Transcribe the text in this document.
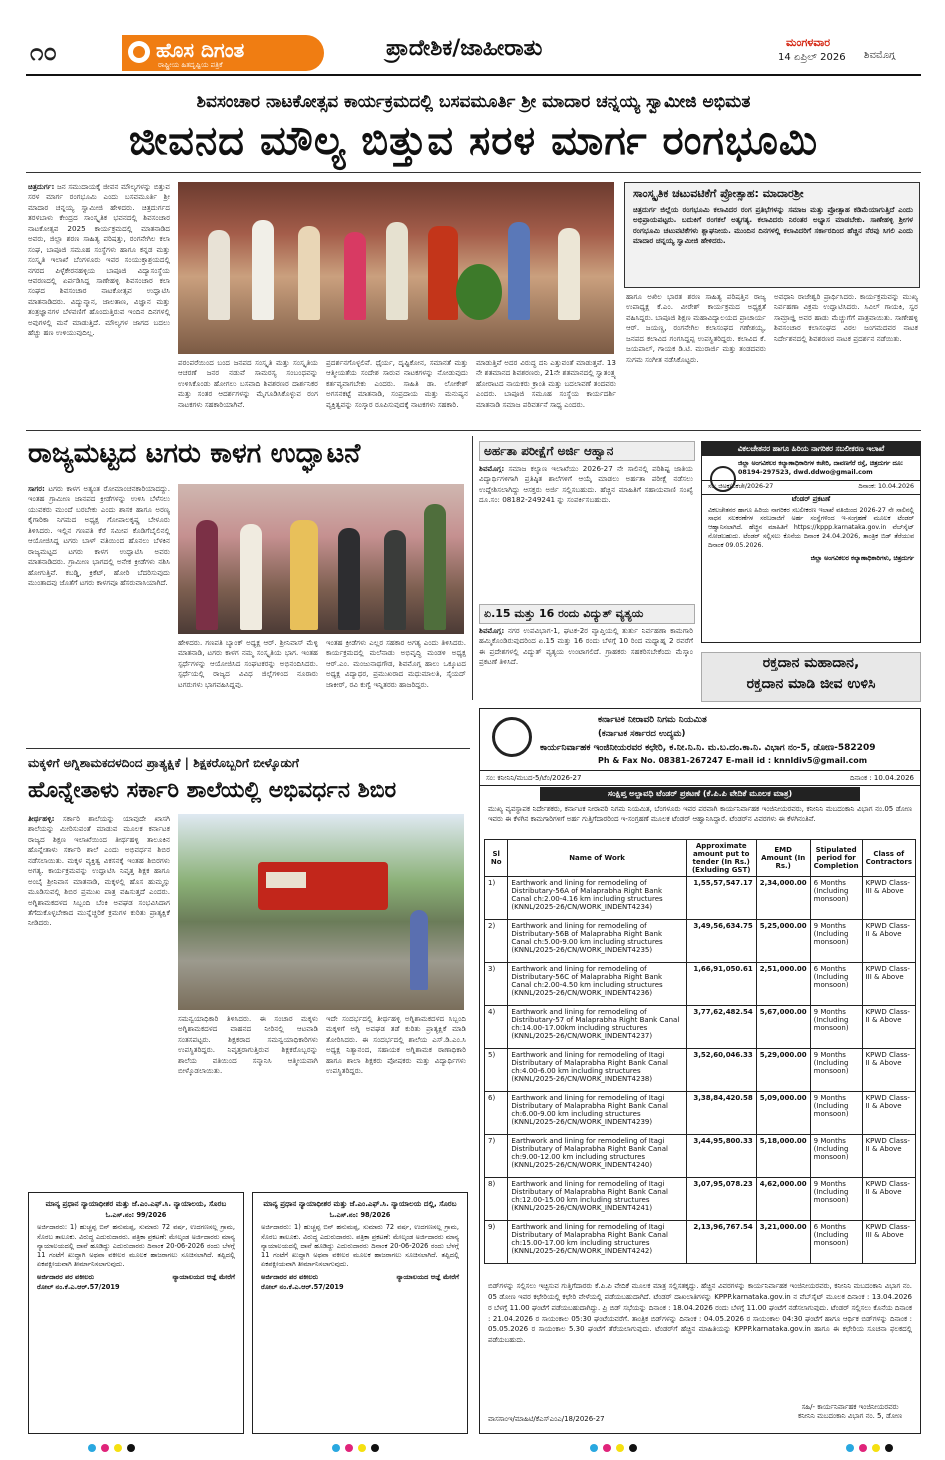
೧೦	ಹೊಸ ದಿಗಂತ
ರಾಷ್ಟ್ರೀಯ ಹಿತದೃಷ್ಟಿಯ ಪತ್ರಿಕೆ
ಪ್ರಾದೇಶಿಕ/ಜಾಹೀರಾತು	ಮಂಗಳವಾರ
14 ಏಪ್ರಿಲ್ 2026 ಶಿವಮೊಗ್ಗ
ಶಿವಸಂಚಾರ ನಾಟಕೋತ್ಸವ ಕಾರ್ಯಕ್ರಮದಲ್ಲಿ ಬಸವಮೂರ್ತಿ ಶ್ರೀ ಮಾದಾರ ಚನ್ನಯ್ಯ ಸ್ವಾಮೀಜಿ ಅಭಿಮತ
ಜೀವನದ ಮೌಲ್ಯ ಬಿತ್ತುವ ಸರಳ ಮಾರ್ಗ ರಂಗಭೂಮಿ
ಚಿತ್ರದುರ್ಗ: ಜನ ಸಮುದಾಯಕ್ಕೆ ಜೀವನ ಮೌಲ್ಯಗಳನ್ನು ಬಿತ್ತುವ ಸರಳ ಮಾರ್ಗ ರಂಗಭೂಮಿ ಎಂದು ಬಸವಮೂರ್ತಿ ಶ್ರೀ ಮಾದಾರ ಚನ್ನಯ್ಯ ಸ್ವಾಮೀಜಿ ಹೇಳಿದರು. ಚಿತ್ರದುರ್ಗದ ತರಳಬಾಳು ಕೇಂದ್ರದ ಸಾಂಸ್ಕೃತಿಕ ಭವನದಲ್ಲಿ ಶಿವಸಂಚಾರ ನಾಟಕೋತ್ಸವ 2025 ಕಾರ್ಯಕ್ರಮದಲ್ಲಿ ಮಾತನಾಡಿದ ಅವರು, ಜಿಲ್ಲಾ ಶರಣ ಸಾಹಿತ್ಯ ಪರಿಷತ್ತು, ರಂಗನೇಗಿಲ ಕಲಾ ಸಂಘ, ಬಾಪೂಜಿ ಸಮೂಹ ಸಂಸ್ಥೆಗಳು ಹಾಗೂ ಕನ್ನಡ ಮತ್ತು ಸಂಸ್ಕೃತಿ ಇಲಾಖೆ ಬೆಂಗಳೂರು ಇವರ ಸಂಯುಕ್ತಾಶ್ರಯದಲ್ಲಿ ನಗರದ ಪಿಳ್ಳೆಕೇರನಹಳ್ಳಿಯ ಬಾಪೂಜಿ ವಿದ್ಯಾಸಂಸ್ಥೆಯ ಆವರಣದಲ್ಲಿ ಏರ್ಪಡಿಸಿದ್ದ ಸಾಣೇಹಳ್ಳಿ ಶಿವಸಂಚಾರ ಕಲಾ ಸಂಘದ ಶಿವಸಂಚಾರ ನಾಟಕೋತ್ಸವ ಉದ್ಘಾಟಿಸಿ ಮಾತನಾಡಿದರು. ವಿದ್ಯುನ್ಮಾನ, ಜಾಲತಾಣ, ವಿಜ್ಞಾನ ಮತ್ತು ತಂತ್ರಜ್ಞಾನಗಳ ಬೆಳವಣಿಗೆ ಹೊಂದುತ್ತಿರುವ ಇಂದಿನ ದಿನಗಳಲ್ಲಿ ಅವುಗಳಲ್ಲಿ ಮನೆ ಮಾಡುತ್ತಿದೆ. ಮೌಲ್ಯಗಳ ಜಾಗದ ಬದಲು ಹೆಚ್ಚು ಹಣ ಉಳಿಯುವುದಿಲ್ಲ.
ಪರಂಪರೆಯಿಂದ ಬಂದ ಜನಪದ ಸಂಸ್ಕೃತಿ ಮತ್ತು ಸಂಸ್ಕೃತಿಯ ಆಚರಣೆ ಜನರ ನಡುವೆ ಸಾಮರಸ್ಯ ಸಂಬಂಧವನ್ನು ಉಳಿಸಿಕೊಂಡು ಹೋಗಲು ಬಸವಾದಿ ಶಿವಶರಣರ ದಾರ್ಶನಿಕರ ಮತ್ತು ಸಂತರ ಆದರ್ಶಗಳನ್ನು ಮೈಗೂಡಿಸಿಕೊಳ್ಳುವ ರಂಗ ನಾಟಕಗಳು ಸಹಕಾರಿಯಾಗಿವೆ.
ಪ್ರದರ್ಶನಗೊಳ್ಳಲಿವೆ. ಧೈರ್ಯ, ದೃಷ್ಟಿಕೋನ, ಸಮಾನತೆ ಮತ್ತು ಆತ್ಮೀಯತೆಯ ಸಂದೇಶ ಸಾರುವ ನಾಟಕಗಳನ್ನು ನೋಡುವುದು ಕರ್ತವ್ಯವಾಗಬೇಕು ಎಂದರು. ಸಾಹಿತಿ ಡಾ. ಲೋಕೇಶ್ ಅಗಸನಕಟ್ಟೆ ಮಾತನಾಡಿ, ಸಂಪ್ರದಾಯ ಮತ್ತು ಮನುಷ್ಯನ ವ್ಯಕ್ತಿತ್ವವನ್ನು ಸಂಸ್ಕಾರ ರೂಪಿಸುವುದಕ್ಕೆ ನಾಟಕಗಳು ಸಹಕಾರಿ.
ಮಾಡುತ್ತಿವೆ ಅದರ ವಿರುದ್ಧ ದನಿ ಎತ್ತುವಂತೆ ಮಾಡುತ್ತವೆ. 13 ನೇ ಶತಮಾನದ ಶಿವಶರಣರು, 21ನೇ ಶತಮಾನದಲ್ಲಿ ಸ್ವಾತಂತ್ರ್ಯ ಹೋರಾಟದ ನಾಯಕರು ಕ್ರಾಂತಿ ಮತ್ತು ಬದಲಾವಣೆ ತಂದವರು ಎಂದರು. ಬಾಪೂಜಿ ಸಮೂಹ ಸಂಸ್ಥೆಯ ಕಾರ್ಯದರ್ಶಿ ಮಾತನಾಡಿ ಸಮಾಜ ಪರಿವರ್ತನೆ ಸಾಧ್ಯ ಎಂದರು.
ಸಾಂಸ್ಕೃತಿಕ ಚಟುವಟಿಕೆಗೆ ಪ್ರೋತ್ಸಾಹ: ಮಾದಾರಶ್ರೀ
ಚಿತ್ರದುರ್ಗ ಜಿಲ್ಲೆಯ ರಂಗಭೂಮಿ ಕಲಾವಿದರ ರಂಗ ಪ್ರತಿಭೆಗಳನ್ನು ಸಮಾಜ ಮತ್ತು ಪ್ರೋತ್ಸಾಹ ಕಡಿಮೆಯಾಗುತ್ತಿದೆ ಎಂದು ಅಭಿಪ್ರಾಯಪಟ್ಟರು. ಬದುಕಿಗೆ ರಂಗಕಲೆ ಅತ್ಯಗತ್ಯ. ಕಲಾವಿದರು ನಿರಂತರ ಅಭ್ಯಾಸ ಮಾಡಬೇಕು. ಸಾಣೇಹಳ್ಳಿ ಶ್ರೀಗಳ ರಂಗಭೂಮಿ ಚಟುವಟಿಕೆಗಳು ಶ್ಲಾಘನೀಯ. ಮುಂದಿನ ದಿನಗಳಲ್ಲಿ ಕಲಾವಿದರಿಗೆ ಸರ್ಕಾರದಿಂದ ಹೆಚ್ಚಿನ ನೆರವು ಸಿಗಲಿ ಎಂದು ಮಾದಾರ ಚನ್ನಯ್ಯ ಸ್ವಾಮೀಜಿ ಹೇಳಿದರು.
ಹಾಗೂ ಅಖಿಲ ಭಾರತ ಶರಣ ಸಾಹಿತ್ಯ ಪರಿಷತ್ತಿನ ರಾಜ್ಯ ಉಪಾಧ್ಯಕ್ಷ ಕೆ.ಎಂ. ವೀರೇಶ್ ಕಾರ್ಯಕ್ರಮದ ಅಧ್ಯಕ್ಷತೆ ವಹಿಸಿದ್ದರು. ಬಾಪೂಜಿ ಶಿಕ್ಷಣ ಮಹಾವಿದ್ಯಾಲಯದ ಪ್ರಾಚಾರ್ಯ ಆರ್. ಜಯಣ್ಣ, ರಂಗನೇಗಿಲ ಕಲಾಸಂಘದ ಗಣೇಶಯ್ಯ, ಜನಪದ ಕಲಾವಿದ ಗಂಗಸಿದ್ದಪ್ಪ ಉಪಸ್ಥಿತರಿದ್ದರು. ಕಲಾವಿದ ಕೆ. ಜಯಪಾಲ್, ಗಾಯಕ ಡಿ.ಟಿ. ಮುರಾರ್ಜಿ ಮತ್ತು ತಂಡದವರು ಸುಗಮ ಸಂಗೀತ ನಡೆಸಿಕೊಟ್ಟರು.
ಅವಧಾನಿ ರಾಜೇಶ್ವರಿ ಪ್ರಾರ್ಥಿಸಿದರು. ಕಾರ್ಯಕ್ರಮವನ್ನು ಮುಖ್ಯ ನಿರ್ವಹಣಾ ವಿಕ್ರಮ ಉದ್ಘಾಟಿಸಿದರು. ಸಿವಿಲ್ ಗಾಯಕಿ, ಸ್ವರ ಸಾಮ್ರಾಜ್ಞಿ ಅವರ ಹಾಡು ಮೆಚ್ಚುಗೆಗೆ ಪಾತ್ರವಾಯಿತು. ಸಾಣೇಹಳ್ಳಿ ಶಿವಸಂಚಾರ ಕಲಾಸಂಘದ ವಿಠಲ ಜಂಗಮದವರ ನಾಟಕ ನಿರ್ದೇಶನದಲ್ಲಿ ಶಿವಶರಣರ ನಾಟಕ ಪ್ರದರ್ಶನ ನಡೆಯಿತು.
ರಾಜ್ಯಮಟ್ಟದ ಟಗರು ಕಾಳಗ ಉದ್ಘಾಟನೆ
ಸಾಗರ: ಟಗರು ಕಾಳಗ ಅತ್ಯಂತ ರೋಮಾಂಚನಕಾರಿಯಾದದ್ದು. ಇಂತಹ ಗ್ರಾಮೀಣ ಜಾನಪದ ಕ್ರೀಡೆಗಳನ್ನು ಉಳಿಸಿ ಬೆಳೆಸಲು ಯುವಕರು ಮುಂದೆ ಬರಬೇಕು ಎಂದು ಶಾಸಕ ಹಾಗೂ ಅರಣ್ಯ ಕೈಗಾರಿಕಾ ನಿಗಮದ ಅಧ್ಯಕ್ಷ ಗೋಪಾಲಕೃಷ್ಣ ಬೇಳೂರು ತಿಳಿಸಿದರು. ಇಲ್ಲಿನ ಗಣಪತಿ ಕೆರೆ ಸಮೀಪ ಕೊಡಿಗೆಬೈಲಿನಲ್ಲಿ ಆಯೋಜಿಸಿದ್ದ ಟಗರು ಬಾಳ್ ವತಿಯಿಂದ ಹೊನಲು ಬೆಳಕಿನ ರಾಜ್ಯಮಟ್ಟದ ಟಗರು ಕಾಳಗ ಉದ್ಘಾಟಿಸಿ ಅವರು ಮಾತನಾಡಿದರು. ಗ್ರಾಮೀಣ ಭಾಗದಲ್ಲಿ ಅನೇಕ ಕ್ರೀಡೆಗಳು ನಶಿಸಿ ಹೋಗುತ್ತಿವೆ. ಕಬಡ್ಡಿ, ಕ್ರಿಕೆಟ್, ಹೋರಿ ಬೆದರಿಸುವುದು ಮುಂತಾದವು ಜೊತೆಗೆ ಟಗರು ಕಾಳಗವೂ ಹೆಸರುವಾಸಿಯಾಗಿದೆ.
ಹೇಳಿದರು. ಗಣಪತಿ ಬ್ಯಾಂಕ್ ಅಧ್ಯಕ್ಷ ಆರ್. ಶ್ರೀನಿವಾಸ್ ಮೆಳ್ಳಿ ಮಾತನಾಡಿ, ಟಗರು ಕಾಳಗ ನಮ್ಮ ಸಂಸ್ಕೃತಿಯ ಭಾಗ. ಇಂತಹ ಸ್ಪರ್ಧೆಗಳನ್ನು ಆಯೋಜಿಸಿದ ಸಂಘಟಕರನ್ನು ಅಭಿನಂದಿಸಿದರು. ಸ್ಪರ್ಧೆಯಲ್ಲಿ ರಾಜ್ಯದ ವಿವಿಧ ಜಿಲ್ಲೆಗಳಿಂದ ನೂರಾರು ಟಗರುಗಳು ಭಾಗವಹಿಸಿದ್ದವು.
ಇಂತಹ ಕ್ರೀಡೆಗಳು ಎಲ್ಲರ ಸಹಕಾರ ಅಗತ್ಯ ಎಂದು ತಿಳಿಸಿದರು. ಕಾರ್ಯಕ್ರಮದಲ್ಲಿ ಮಲೆನಾಡು ಅಭಿವೃದ್ಧಿ ಮಂಡಳಿ ಅಧ್ಯಕ್ಷ ಆರ್.ಎಂ. ಮಂಜುನಾಥಗೌಡ, ಶಿವಮೊಗ್ಗ ಹಾಲು ಒಕ್ಕೂಟದ ಅಧ್ಯಕ್ಷ ವಿದ್ಯಾಧರ, ಪ್ರಮುಖರಾದ ಮಧುಮಾಲತಿ, ಸೈಯದ್ ಜಾಕೀರ್, ರವಿ ಕುಗ್ವೆ ಇನ್ನಿತರರು ಹಾಜರಿದ್ದರು.
ಅರ್ಹತಾ ಪರೀಕ್ಷೆಗೆ ಅರ್ಜಿ ಆಹ್ವಾನ
ಶಿವಮೊಗ್ಗ: ಸಮಾಜ ಕಲ್ಯಾಣ ಇಲಾಖೆಯು 2026-27 ನೇ ಸಾಲಿನಲ್ಲಿ ಪರಿಶಿಷ್ಟ ಜಾತಿಯ ವಿದ್ಯಾರ್ಥಿಗಳಿಗಾಗಿ ಪ್ರತಿಷ್ಠಿತ ಶಾಲೆಗಳಿಗೆ ಆಯ್ಕೆ ಮಾಡಲು ಅರ್ಹತಾ ಪರೀಕ್ಷೆ ನಡೆಸಲು ಉದ್ದೇಶಿಸಲಾಗಿದ್ದು ಆಸಕ್ತರು ಅರ್ಜಿ ಸಲ್ಲಿಸಬಹುದು. ಹೆಚ್ಚಿನ ಮಾಹಿತಿಗೆ ಸಹಾಯವಾಣಿ ಸಂಖ್ಯೆ ದೂ.ಸಂ: 08182-249241 ನ್ನು ಸಂಪರ್ಕಿಸಬಹುದು.
ಏ.15 ಮತ್ತು 16 ರಂದು ವಿದ್ಯುತ್ ವ್ಯತ್ಯಯ
ಶಿವಮೊಗ್ಗ: ನಗರ ಉಪವಿಭಾಗ-1, ಘಟಕ-2ರ ವ್ಯಾಪ್ತಿಯಲ್ಲಿ ತುರ್ತು ನಿರ್ವಹಣಾ ಕಾಮಗಾರಿ ಹಮ್ಮಿಕೊಂಡಿರುವುದರಿಂದ ಏ.15 ಮತ್ತು 16 ರಂದು ಬೆಳಗ್ಗೆ 10 ರಿಂದ ಮಧ್ಯಾಹ್ನ 2 ರವರೆಗೆ ಈ ಪ್ರದೇಶಗಳಲ್ಲಿ ವಿದ್ಯುತ್ ವ್ಯತ್ಯಯ ಉಂಟಾಗಲಿದೆ. ಗ್ರಾಹಕರು ಸಹಕರಿಸಬೇಕೆಂದು ಮೆಸ್ಕಾಂ ಪ್ರಕಟಣೆ ತಿಳಿಸಿದೆ.
ವಿಕಲಚೇತನರ ಹಾಗೂ ಹಿರಿಯ ನಾಗರಿಕರ ಸಬಲೀಕರಣ ಇಲಾಖೆ
ಜಿಲ್ಲಾ ಅಂಗವಿಕಲರ ಕಲ್ಯಾಣಾಧಿಕಾರಿಗಳ ಕಚೇರಿ, ದಾವಣಗೆರೆ ರಸ್ತೆ, ಚಿತ್ರದುರ್ಗ ದೂ: 08194-297523, dwd.ddwo@gmail.com
ಸಂ: ಜಿಅಕ/ವಿಕಚೇ/2026-27	ದಿನಾಂಕ: 10.04.2026
ಟೆಂಡರ್ ಪ್ರಕಟಣೆ
ವಿಕಲಚೇತನರ ಹಾಗೂ ಹಿರಿಯ ನಾಗರಿಕರ ಸಬಲೀಕರಣ ಇಲಾಖೆ ವತಿಯಿಂದ 2026-27 ನೇ ಸಾಲಿನಲ್ಲಿ ಸಾಧನ ಸಲಕರಣೆಗಳ ಸರಬರಾಜಿಗೆ ಅರ್ಹ ಸಂಸ್ಥೆಗಳಿಂದ ಇ-ಸಂಗ್ರಹಣೆ ಮೂಲಕ ಟೆಂಡರ್ ಆಹ್ವಾನಿಸಲಾಗಿದೆ. ಹೆಚ್ಚಿನ ಮಾಹಿತಿಗೆ https://kppp.karnataka.gov.in ವೆಬ್‌ಸೈಟ್ ನೋಡಬಹುದು. ಟೆಂಡರ್ ಸಲ್ಲಿಸಲು ಕೊನೆಯ ದಿನಾಂಕ 24.04.2026, ತಾಂತ್ರಿಕ ಬಿಡ್ ತೆರೆಯುವ ದಿನಾಂಕ 09.05.2026.
ಜಿಲ್ಲಾ ಅಂಗವಿಕಲರ ಕಲ್ಯಾಣಾಧಿಕಾರಿಗಳು, ಚಿತ್ರದುರ್ಗ
ರಕ್ತದಾನ ಮಹಾದಾನ,
ರಕ್ತದಾನ ಮಾಡಿ ಜೀವ ಉಳಿಸಿ
ಮಕ್ಕಳಿಗೆ ಅಗ್ನಿಶಾಮಕದಳದಿಂದ ಪ್ರಾತ್ಯಕ್ಷಿಕೆ | ಶಿಕ್ಷಕರೊಬ್ಬರಿಗೆ ಬೀಳ್ಕೊಡುಗೆ
ಹೊನ್ನೇತಾಳು ಸರ್ಕಾರಿ ಶಾಲೆಯಲ್ಲಿ ಅಭಿವರ್ಧನ ಶಿಬಿರ
ತೀರ್ಥಹಳ್ಳಿ: ಸರ್ಕಾರಿ ಶಾಲೆಯನ್ನು ಯಾವುದೇ ಖಾಸಗಿ ಶಾಲೆಯನ್ನು ಮೀರಿಸುವಂತೆ ಮಾಡುವ ಮೂಲಕ ಕರ್ನಾಟಕ ರಾಜ್ಯದ ಶಿಕ್ಷಣ ಇಲಾಖೆಯಿಂದ ತೀರ್ಥಹಳ್ಳಿ ತಾಲೂಕಿನ ಹೊನ್ನೇತಾಳು ಸರ್ಕಾರಿ ಶಾಲೆ ಎಂದು ಅಭಿವರ್ಧನ ಶಿಬಿರ ನಡೆಸಲಾಯಿತು. ಮಕ್ಕಳ ವ್ಯಕ್ತಿತ್ವ ವಿಕಸನಕ್ಕೆ ಇಂತಹ ಶಿಬಿರಗಳು ಅಗತ್ಯ. ಕಾರ್ಯಕ್ರಮವನ್ನು ಉದ್ಘಾಟಿಸಿ ನಿವೃತ್ತ ಶಿಕ್ಷಕ ಹಾಗೂ ಅಂಬೈ ಶ್ರೀನಿವಾಸ ಮಾತನಾಡಿ, ಮಕ್ಕಳಲ್ಲಿ ಹೊಸ ಹುಮ್ಮಸ್ಸು ಮೂಡಿಸುವಲ್ಲಿ ಶಿಬಿರ ಪ್ರಮುಖ ಪಾತ್ರ ವಹಿಸುತ್ತದೆ ಎಂದರು. ಅಗ್ನಿಶಾಮಕದಳದ ಸಿಬ್ಬಂದಿ ಬೆಂಕಿ ಅವಘಡ ಸಂಭವಿಸಿದಾಗ ತೆಗೆದುಕೊಳ್ಳಬೇಕಾದ ಮುನ್ನೆಚ್ಚರಿಕೆ ಕ್ರಮಗಳ ಕುರಿತು ಪ್ರಾತ್ಯಕ್ಷಿಕೆ ನೀಡಿದರು.
ಸಮನ್ವಯಾಧಿಕಾರಿ ತಿಳಿಸಿದರು. ಈ ಸಂಚಾರ ಮಕ್ಕಳು ಅಗ್ನಿಶಾಮಕದಳದ ವಾಹನದ ನೀರಿನಲ್ಲಿ ಆಟವಾಡಿ ಸಂತಸಪಟ್ಟರು. ಶಿಕ್ಷಕರಾದ ಸಮನ್ವಯಾಧಿಕಾರಿಗಳು ಉಪಸ್ಥಿತರಿದ್ದರು. ನಿವೃತ್ತರಾಗುತ್ತಿರುವ ಶಿಕ್ಷಕರೊಬ್ಬರನ್ನು ಶಾಲೆಯ ವತಿಯಿಂದ ಸನ್ಮಾನಿಸಿ ಆತ್ಮೀಯವಾಗಿ ಬೀಳ್ಕೊಡಲಾಯಿತು.
ಇದೇ ಸಂದರ್ಭದಲ್ಲಿ ತೀರ್ಥಹಳ್ಳಿ ಅಗ್ನಿಶಾಮಕದಳದ ಸಿಬ್ಬಂದಿ ಮಕ್ಕಳಿಗೆ ಅಗ್ನಿ ಅವಘಡ ತಡೆ ಕುರಿತು ಪ್ರಾತ್ಯಕ್ಷಿಕೆ ಮಾಡಿ ತೋರಿಸಿದರು. ಈ ಸಂದರ್ಭದಲ್ಲಿ ಶಾಲೆಯ ಎಸ್.ಡಿ.ಎಂ.ಸಿ ಅಧ್ಯಕ್ಷ ನಿತ್ಯಾನಂದ, ಸಹಾಯಕ ಅಗ್ನಿಶಾಮಕ ಠಾಣಾಧಿಕಾರಿ ಹಾಗೂ ಶಾಲಾ ಶಿಕ್ಷಕರು ಪೋಷಕರು ಮತ್ತು ವಿದ್ಯಾರ್ಥಿಗಳು ಉಪಸ್ಥಿತರಿದ್ದರು.
ಮಾನ್ಯ ಪ್ರಧಾನ ನ್ಯಾಯಾಧೀಶರ ಮತ್ತು ಜೆ.ಎಂ.ಎಫ್.ಸಿ. ನ್ಯಾಯಾಲಯ, ಸೊರಬ
ಓ.ಎಸ್.ನಂ: 99/2026
ಅರ್ಜಿದಾರರು: 1) ಹುಚ್ಚಪ್ಪ ಬಿನ್ ಹನುಮಪ್ಪ, ಸುಮಾರು 72 ವರ್ಷ, ಉದಗಣಸಲ್ಲ ಗ್ರಾಮ, ಸೊರಬ ತಾಲೂಕು. ವಿರುದ್ಧ ಎದುರುದಾರರು. ಪತ್ರಿಕಾ ಪ್ರಕಟಣೆ: ಮೇಲ್ಕಂಡ ಅರ್ಜಿದಾರರು ಮಾನ್ಯ ನ್ಯಾಯಾಲಯದಲ್ಲಿ ದಾವೆ ಹೂಡಿದ್ದು ಎದುರುದಾರರು ದಿನಾಂಕ 20-06-2026 ರಂದು ಬೆಳಗ್ಗೆ 11 ಗಂಟೆಗೆ ಖುದ್ದಾಗಿ ಅಥವಾ ವಕೀಲರ ಮೂಲಕ ಹಾಜರಾಗಲು ಸೂಚಿಸಲಾಗಿದೆ. ತಪ್ಪಿದಲ್ಲಿ ಏಕಪಕ್ಷೀಯವಾಗಿ ತೀರ್ಮಾನಿಸಲಾಗುವುದು.
ಅರ್ಜಿದಾರರ ಪರ ವಕೀಲರು	ನ್ಯಾಯಾಲಯದ ಆಜ್ಞೆ ಮೇರೆಗೆ
ರೋಲ್ ನಂ.ಕೆ.ಎ.ಆರ್.57/2019
ಮಾನ್ಯ ಪ್ರಧಾನ ನ್ಯಾಯಾಧೀಶರ ಮತ್ತು ಜೆ.ಎಂ.ಎಫ್.ಸಿ. ನ್ಯಾಯಾಲಯ ದಲ್ಲಿ, ಸೊರಬ
ಓ.ಎಸ್.ನಂ: 98/2026
ಅರ್ಜಿದಾರರು: 1) ಹುಚ್ಚಪ್ಪ ಬಿನ್ ಹನುಮಪ್ಪ, ಸುಮಾರು 72 ವರ್ಷ, ಉದಗಣಸಲ್ಲ ಗ್ರಾಮ, ಸೊರಬ ತಾಲೂಕು. ವಿರುದ್ಧ ಎದುರುದಾರರು. ಪತ್ರಿಕಾ ಪ್ರಕಟಣೆ: ಮೇಲ್ಕಂಡ ಅರ್ಜಿದಾರರು ಮಾನ್ಯ ನ್ಯಾಯಾಲಯದಲ್ಲಿ ದಾವೆ ಹೂಡಿದ್ದು ಎದುರುದಾರರು ದಿನಾಂಕ 20-06-2026 ರಂದು ಬೆಳಗ್ಗೆ 11 ಗಂಟೆಗೆ ಖುದ್ದಾಗಿ ಅಥವಾ ವಕೀಲರ ಮೂಲಕ ಹಾಜರಾಗಲು ಸೂಚಿಸಲಾಗಿದೆ. ತಪ್ಪಿದಲ್ಲಿ ಏಕಪಕ್ಷೀಯವಾಗಿ ತೀರ್ಮಾನಿಸಲಾಗುವುದು.
ಅರ್ಜಿದಾರರ ಪರ ವಕೀಲರು	ನ್ಯಾಯಾಲಯದ ಆಜ್ಞೆ ಮೇರೆಗೆ
ರೋಲ್ ನಂ.ಕೆ.ಎ.ಆರ್.57/2019
ಕರ್ನಾಟಕ ನೀರಾವರಿ ನಿಗಮ ನಿಯಮಿತ
(ಕರ್ನಾಟಕ ಸರ್ಕಾರದ ಉದ್ಯಮ)
ಕಾರ್ಯನಿರ್ವಾಹಕ ಇಂಜಿನೀಯರವರ ಕಛೇರಿ, ಕ.ನೀ.ನಿ.ನಿ. ಮ.ಬ.ದಂ.ಕಾ.ನಿ. ವಿಭಾಗ ನಂ-5, ಡೋಣ-582209
Ph & Fax No. 08381-267247 E-mail id : knnldiv5@gmail.com
ಸಂ: ಕನೀನಿನಿ/ಮಬದ-5/ಟೆಂ/2026-27	ದಿನಾಂಕ : 10.04.2026
ಸಂಕ್ಷಿಪ್ತ ಅಲ್ಪಾವಧಿ ಟೆಂಡರ್ ಪ್ರಕಟಣೆ (ಕೆ.ಪಿ.ಪಿ ವೇದಿಕೆ ಮೂಲಕ ಮಾತ್ರ)
ಮುಖ್ಯ ವ್ಯವಸ್ಥಾಪಕ ನಿರ್ದೇಶಕರು, ಕರ್ನಾಟಕ ನೀರಾವರಿ ನಿಗಮ ನಿಯಮಿತ, ಬೆಂಗಳೂರು ಇವರ ಪರವಾಗಿ ಕಾರ್ಯನಿರ್ವಾಹಕ ಇಂಜಿನೀಯರವರು, ಕನೀನಿನಿ ಮಬದಂಕಾನಿ ವಿಭಾಗ ನಂ.05 ಡೋಣ ಇವರು ಈ ಕೆಳಗಿನ ಕಾಮಗಾರಿಗಳಿಗೆ ಅರ್ಹ ಗುತ್ತಿಗೆದಾರರಿಂದ ಇ-ಸಂಗ್ರಹಣೆ ಮೂಲಕ ಟೆಂಡರ್ ಆಹ್ವಾನಿಸಿದ್ದಾರೆ. ಟೆಂಡರ್‌ನ ವಿವರಗಳು ಈ ಕೆಳಗಿನಂತಿವೆ.
Sl No	Name of Work	Approximate amount put to tender (In Rs.) (Exluding GST)	EMD Amount (In Rs.)	Stipulated period for Completion	Class of Contractors
1)	Earthwork and lining for remodeling of Distributary-56A of Malaprabha Right Bank Canal ch:2.00-4.16 km including structures (KNNL/2025-26/CN/WORK_INDENT4234)	1,55,57,547.17	2,34,000.00	6 Months (Including monsoon)	KPWD Class-III & Above
2)	Earthwork and lining for remodeling of Distributary-56B of Malaprabha Right Bank Canal ch:5.00-9.00 km including structures (KNNL/2025-26/CN/WORK_INDENT4235)	3,49,56,634.75	5,25,000.00	9 Months (Including monsoon)	KPWD Class-II & Above
3)	Earthwork and lining for remodeling of Distributary-56C of Malaprabha Right Bank Canal ch:2.00-4.50 km including structures (KNNL/2025-26/CN/WORK_INDENT4236)	1,66,91,050.61	2,51,000.00	6 Months (Including monsoon)	KPWD Class-III & Above
4)	Earthwork and lining for remodeling of Distributary-57 of Malaprabha Right Bank Canal ch:14.00-17.00km including structures (KNNL/2025-26/CN/WORK_INDENT4237)	3,77,62,482.54	5,67,000.00	9 Months (Including monsoon)	KPWD Class-II & Above
5)	Earthwork and lining for remodeling of Itagi Distributary of Malaprabha Right Bank Canal ch:4.00-6.00 km including structures (KNNL/2025-26/CN/WORK_INDENT4238)	3,52,60,046.33	5,29,000.00	9 Months (Including monsoon)	KPWD Class-II & Above
6)	Earthwork and lining for remodeling of Itagi Distributary of Malaprabha Right Bank Canal ch:6.00-9.00 km including structures (KNNL/2025-26/CN/WORK_INDENT4239)	3,38,84,420.58	5,09,000.00	9 Months (Including monsoon)	KPWD Class-II & Above
7)	Earthwork and lining for remodeling of Itagi Distributary of Malaprabha Right Bank Canal ch:9.00-12.00 km including structures (KNNL/2025-26/CN/WORK_INDENT4240)	3,44,95,800.33	5,18,000.00	9 Months (Including monsoon)	KPWD Class-II & Above
8)	Earthwork and lining for remodeling of Itagi Distributary of Malaprabha Right Bank Canal ch:12.00-15.00 km including structures (KNNL/2025-26/CN/WORK_INDENT4241)	3,07,95,078.23	4,62,000.00	9 Months (Including monsoon)	KPWD Class-II & Above
9)	Earthwork and lining for remodeling of Itagi Distributary of Malaprabha Right Bank Canal ch:15.00-17.00 km including structures (KNNL/2025-26/CN/WORK_INDENT4242)	2,13,96,767.54	3,21,000.00	6 Months (Including monsoon)	KPWD Class-III & Above
ಬಿಡ್‌ಗಳನ್ನು ಸಲ್ಲಿಸಲು ಇಚ್ಛಿಸುವ ಗುತ್ತಿಗೆದಾರರು ಕೆ.ಪಿ.ಪಿ ವೇದಿಕೆ ಮೂಲಕ ಮಾತ್ರ ಸಲ್ಲಿಸತಕ್ಕದ್ದು. ಹೆಚ್ಚಿನ ವಿವರಗಳನ್ನು ಕಾರ್ಯನಿರ್ವಾಹಕ ಇಂಜಿನೀಯರವರು, ಕನೀನಿನಿ ಮಬದಂಕಾನಿ ವಿಭಾಗ ನಂ. 05 ಡೋಣ ಇವರ ಕಛೇರಿಯಲ್ಲಿ ಕಛೇರಿ ವೇಳೆಯಲ್ಲಿ ಪಡೆಯಬಹುದಾಗಿದೆ. ಟೆಂಡರ್ ದಾಖಲಾತಿಗಳನ್ನು KPPP.karnataka.gov.in ನ ವೆಬ್‌ಸೈಟ್ ಮೂಲಕ ದಿನಾಂಕ : 13.04.2026 ರ ಬೆಳಗ್ಗೆ 11.00 ಘಂಟೆಗೆ ಪಡೆಯಬಹುದಾಗಿದ್ದು. ಪ್ರಿ ಬಿಡ್ ಸಭೆಯನ್ನು ದಿನಾಂಕ : 18.04.2026 ರಂದು ಬೆಳಗ್ಗೆ 11.00 ಘಂಟೆಗೆ ನಡೆಸಲಾಗುವುದು. ಟೆಂಡರ್ ಸಲ್ಲಿಸಲು ಕೊನೆಯ ದಿನಾಂಕ : 21.04.2026 ರ ಸಾಯಂಕಾಲ 05:30 ಘಂಟೆಯವರೆಗೆ. ತಾಂತ್ರಿಕ ಬಿಡ್‌ಗಳನ್ನು ದಿನಾಂಕ : 04.05.2026 ರ ಸಾಯಂಕಾಲ 04:30 ಘಂಟೆಗೆ ಹಾಗೂ ಆರ್ಥಿಕ ಬಿಡ್‌ಗಳನ್ನು ದಿನಾಂಕ : 05.05.2026 ರ ಸಾಯಂಕಾಲ 5.30 ಘಂಟೆಗೆ ತೆರೆಯಲಾಗುವುದು. ಟೆಂಡರ್‌ಗೆ ಹೆಚ್ಚಿನ ಮಾಹಿತಿಯನ್ನು KPPP.karnataka.gov.in ಹಾಗೂ ಈ ಕಛೇರಿಯ ಸೂಚನಾ ಫಲಕದಲ್ಲಿ ಪಡೆಯಬಹುದು.
ವಾಸಸಾಂಇ/ಮಾಹಿಟಿ/ಕೆಎಸ್‌ಎಂಎ/18/2026-27
ಸಹಿ/- ಕಾರ್ಯನಿರ್ವಾಹಕ ಇಂಜಿನೀಯರವರು
ಕನೀನಿನಿ ಮಬದಂಕಾನಿ ವಿಭಾಗ ನಂ. 5, ಡೋಣ
